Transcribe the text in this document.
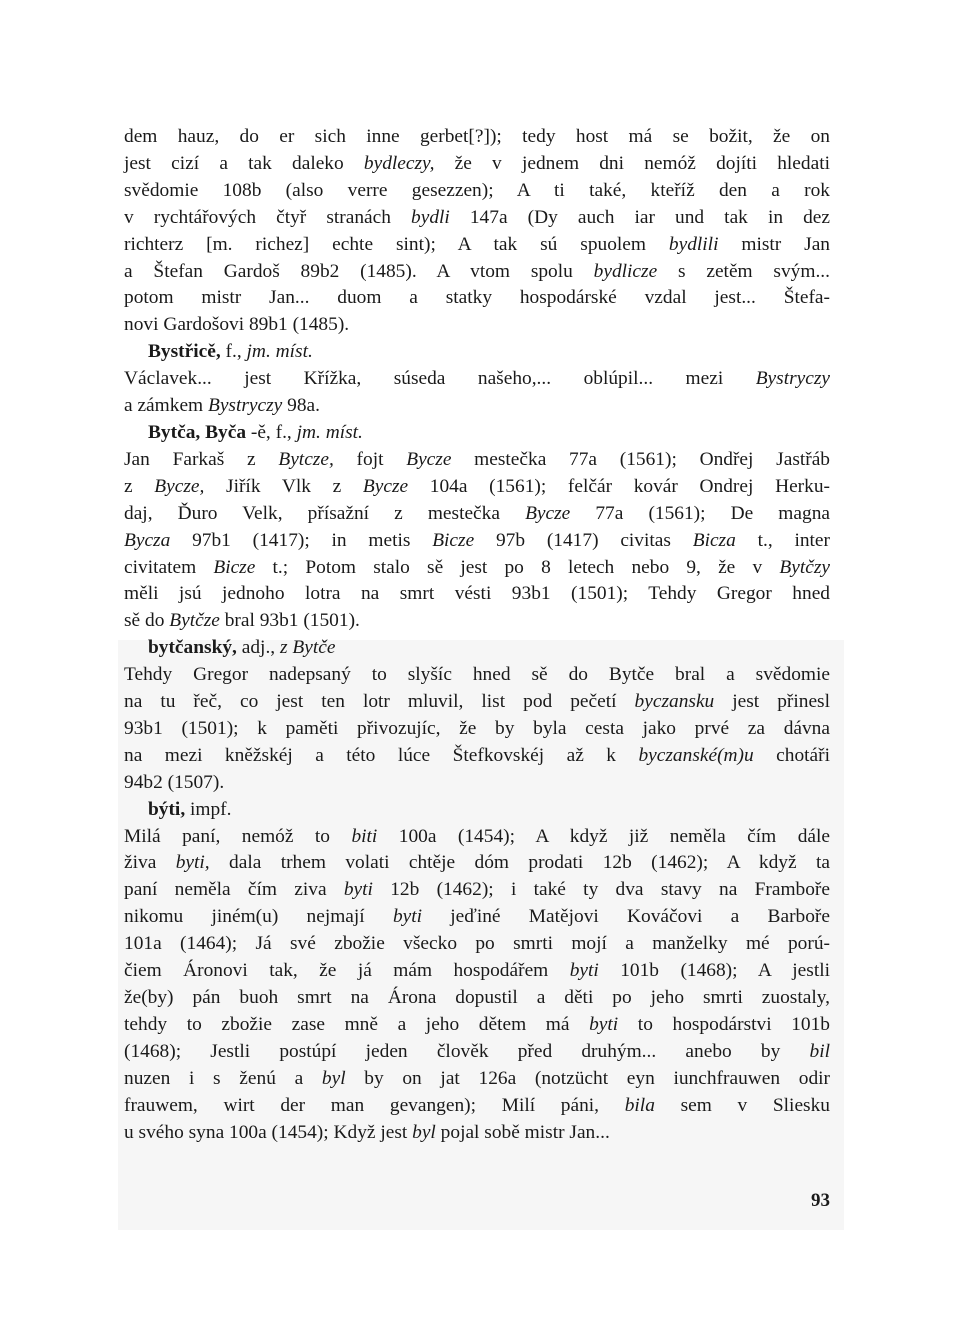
dem hauz, do er sich inne gerbet[?]); tedy host má se božit, že on
jest cizí a tak daleko bydleczy, že v jednem dni nemóž dojíti hledati
svědomie 108b (also verre gesezzen); A ti také, kteříž den a rok
v rychtářových čtyř stranách bydli 147a (Dy auch iar und tak in dez
richterz [m. richez] echte sint); A tak sú spuolem bydlili mistr Jan
a Štefan Gardoš 89b2 (1485). A vtom spolu bydlicze s zetěm svým...
potom mistr Jan... duom a statky hospodárské vzdal jest... Štefa-
novi Gardošovi 89b1 (1485).
Bystřicě, f., jm. míst.
Václavek... jest Křížka, súseda našeho,... oblúpil... mezi Bystryczy
a zámkem Bystryczy 98a.
Bytča, Byča -ě, f., jm. míst.
Jan Farkaš z Bytcze, fojt Bycze mestečka 77a (1561); Ondřej Jastřáb
z Bycze, Jiřík Vlk z Bycze 104a (1561); felčár kovár Ondrej Herku-
daj, Ďuro Velk, přísažní z mestečka Bycze 77a (1561); De magna
Bycza 97b1 (1417); in metis Bicze 97b (1417) civitas Bicza t., inter
civitatem Bicze t.; Potom stalo sě jest po 8 letech nebo 9, že v Bytčzy
měli jsú jednoho lotra na smrt vésti 93b1 (1501); Tehdy Gregor hned
sě do Bytčze bral 93b1 (1501).
bytčanský, adj., z Bytče
Tehdy Gregor nadepsaný to slyšíc hned sě do Bytče bral a svědomie
na tu řeč, co jest ten lotr mluvil, list pod pečetí byczansku jest přinesl
93b1 (1501); k paměti přivozujíc, že by byla cesta jako prvé za dávna
na mezi kněžskéj a této lúce Štefkovskéj až k byczanské(m)u chotáři
94b2 (1507).
býti, impf.
Milá paní, nemóž to biti 100a (1454); A když již neměla čím dále
živa byti, dala trhem volati chtěje dóm prodati 12b (1462); A když ta
paní neměla čím ziva byti 12b (1462); i také ty dva stavy na Framboře
nikomu jiném(u) nejmají byti jeďiné Matějovi Kováčovi a Barboře
101a (1464); Já své zbožie všecko po smrti mojí a manželky mé porú-
čiem Áronovi tak, že já mám hospodářem byti 101b (1468); A jestli
že(by) pán buoh smrt na Árona dopustil a děti po jeho smrti zuostaly,
tehdy to zbožie zase mně a jeho dětem má byti to hospodárstvi 101b
(1468); Jestli postúpí jeden člověk před druhým... anebo by bil
nuzen i s ženú a byl by on jat 126a (notzücht eyn iunchfrauwen odir
frauwem, wirt der man gevangen); Milí páni, bila sem v Sliesku
u svého syna 100a (1454); Když jest byl pojal sobě mistr Jan...
93
